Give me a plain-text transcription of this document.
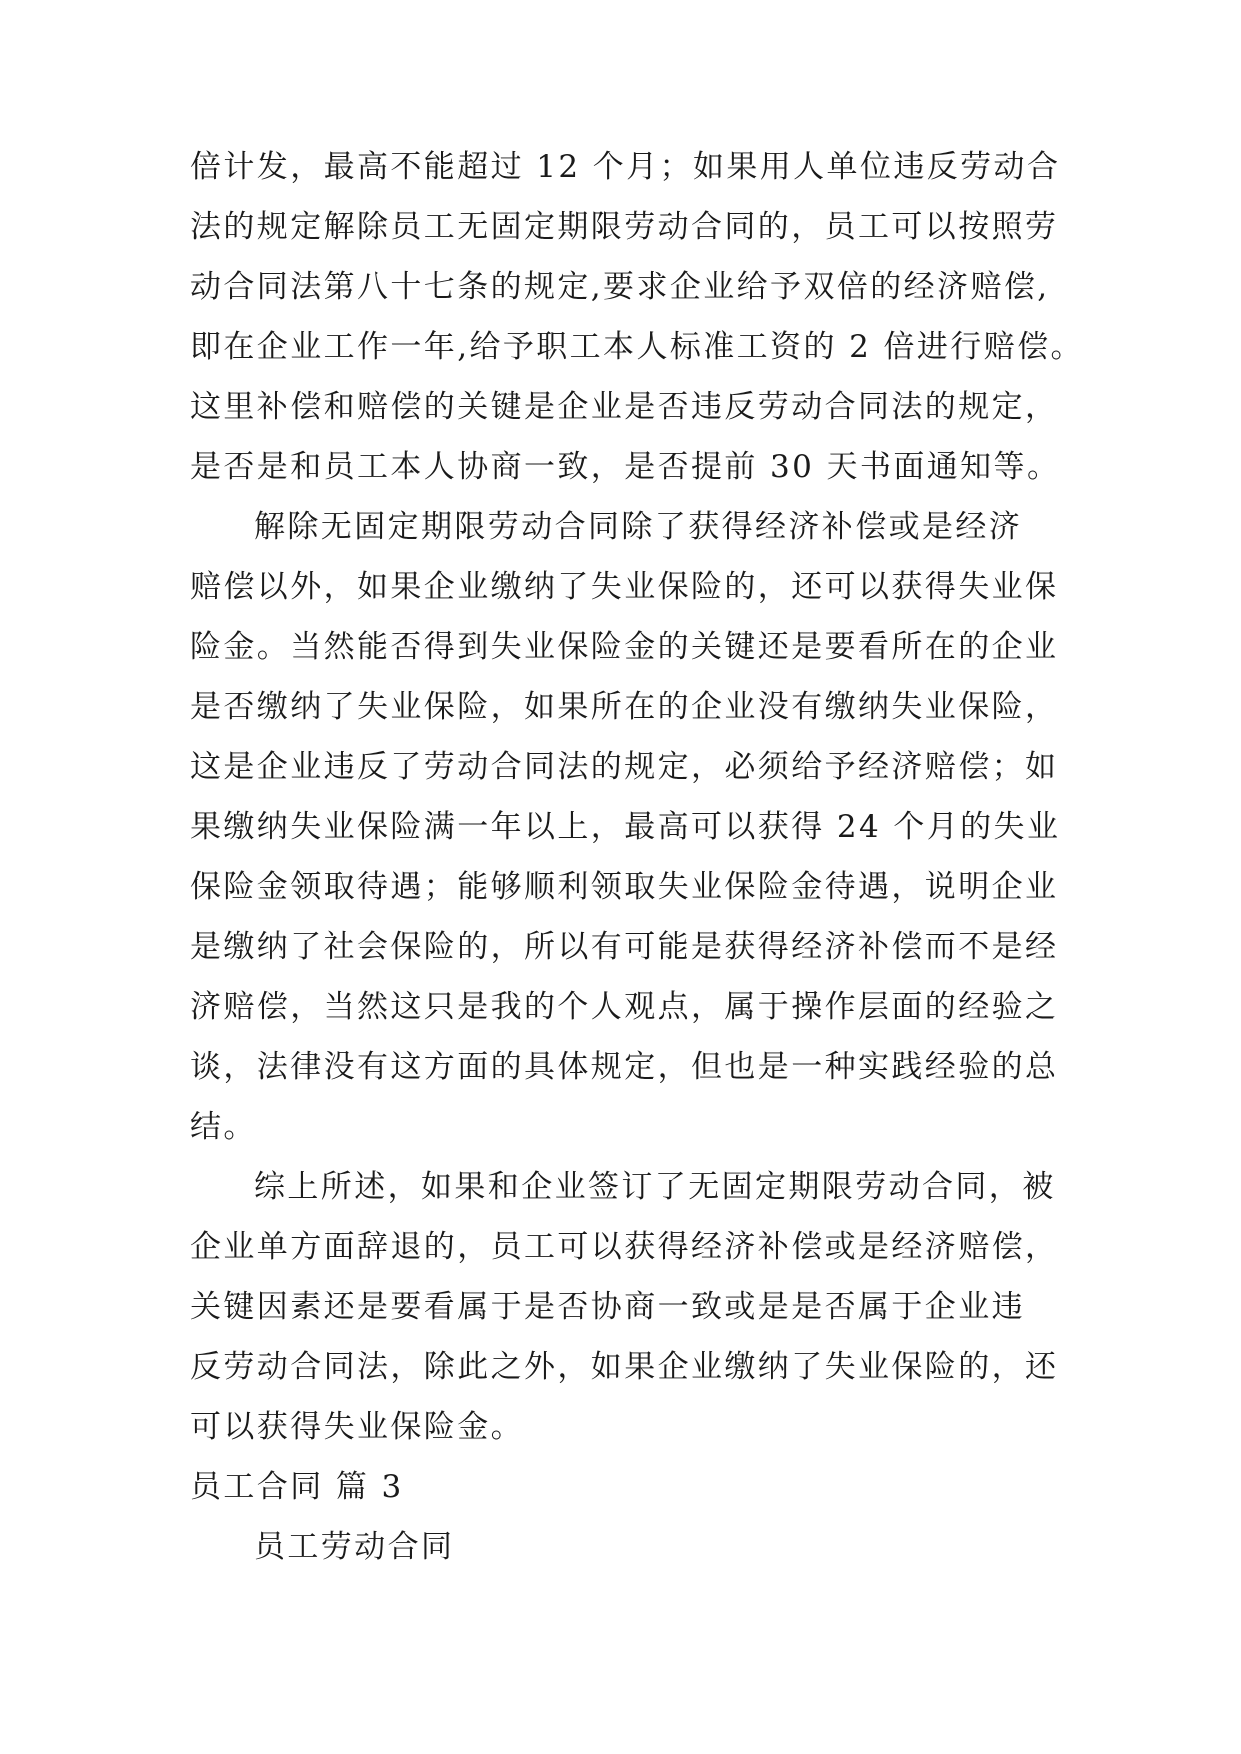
倍计发，最高不能超过 12 个月；如果用人单位违反劳动合
法的规定解除员工无固定期限劳动合同的，员工可以按照劳
动合同法第八十七条的规定,要求企业给予双倍的经济赔偿,
即在企业工作一年,给予职工本人标准工资的 2 倍进行赔偿。
这里补偿和赔偿的关键是企业是否违反劳动合同法的规定，
是否是和员工本人协商一致，是否提前 30 天书面通知等。
解除无固定期限劳动合同除了获得经济补偿或是经济
赔偿以外，如果企业缴纳了失业保险的，还可以获得失业保
险金。当然能否得到失业保险金的关键还是要看所在的企业
是否缴纳了失业保险，如果所在的企业没有缴纳失业保险，
这是企业违反了劳动合同法的规定，必须给予经济赔偿；如
果缴纳失业保险满一年以上，最高可以获得 24 个月的失业
保险金领取待遇；能够顺利领取失业保险金待遇，说明企业
是缴纳了社会保险的，所以有可能是获得经济补偿而不是经
济赔偿，当然这只是我的个人观点，属于操作层面的经验之
谈，法律没有这方面的具体规定，但也是一种实践经验的总
结。
综上所述，如果和企业签订了无固定期限劳动合同，被
企业单方面辞退的，员工可以获得经济补偿或是经济赔偿，
关键因素还是要看属于是否协商一致或是是否属于企业违
反劳动合同法，除此之外，如果企业缴纳了失业保险的，还
可以获得失业保险金。
员工合同 篇 3
员工劳动合同
